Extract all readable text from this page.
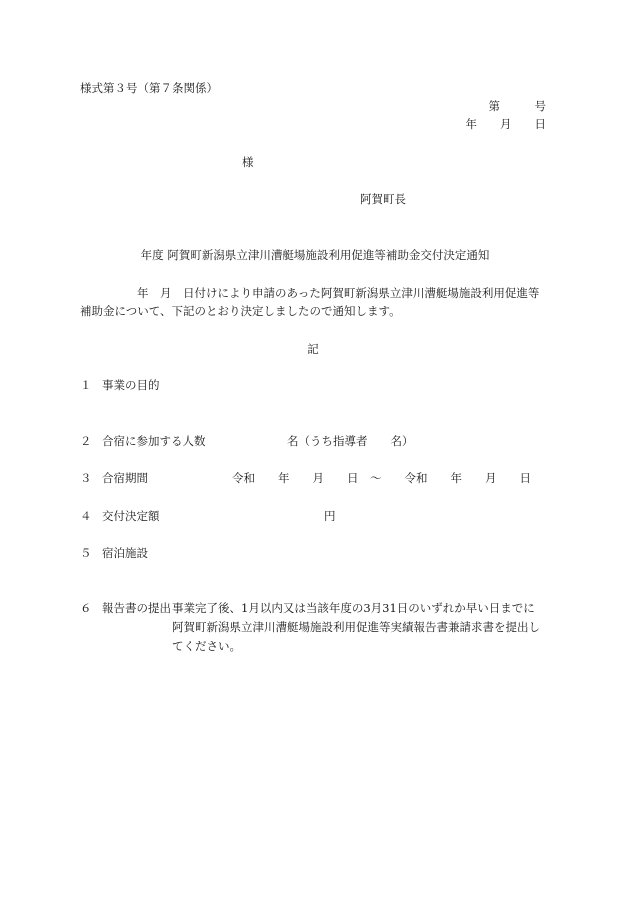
様式第３号（第７条関係）
第　　　号
年　　月　　日
様
阿賀町長
年度 阿賀町新潟県立津川漕艇場施設利用促進等補助金交付決定通知
年　月　日付けにより申請のあった阿賀町新潟県立津川漕艇場施設利用促進等
補助金について、下記のとおり決定しましたので通知します。
記
１ 事業の目的
２ 合宿に参加する人数	名（うち指導者　　名）
３ 合宿期間	令和　　年　　月　　日　～　　令和　　年　　月　　日
４ 交付決定額	円
５ 宿泊施設
６ 報告書の提出 事業完了後、1月以内又は当該年度の3月31日のいずれか早い日までに
阿賀町新潟県立津川漕艇場施設利用促進等実績報告書兼請求書を提出し
てください。
